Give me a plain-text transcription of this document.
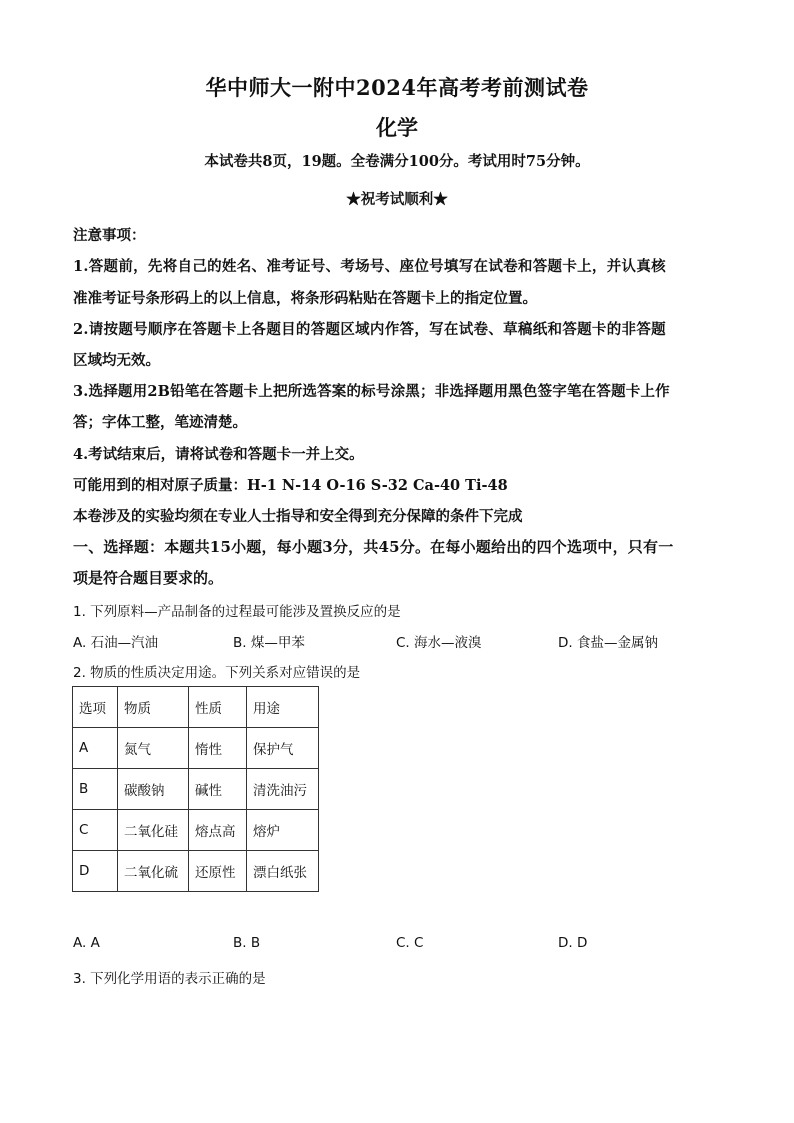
华中师大一附中2024年高考考前测试卷
化学
本试卷共8页，19题。全卷满分100分。考试用时75分钟。
★祝考试顺利★
注意事项：
1.答题前，先将自己的姓名、准考证号、考场号、座位号填写在试卷和答题卡上，并认真核
准准考证号条形码上的以上信息，将条形码粘贴在答题卡上的指定位置。
2.请按题号顺序在答题卡上各题目的答题区域内作答，写在试卷、草稿纸和答题卡的非答题
区域均无效。
3.选择题用2B铅笔在答题卡上把所选答案的标号涂黑；非选择题用黑色签字笔在答题卡上作
答；字体工整，笔迹清楚。
4.考试结束后，请将试卷和答题卡一并上交。
可能用到的相对原子质量：H-1 N-14 O-16 S-32 Ca-40 Ti-48
本卷涉及的实验均须在专业人士指导和安全得到充分保障的条件下完成
一、选择题：本题共15小题，每小题3分，共45分。在每小题给出的四个选项中，只有一
项是符合题目要求的。
1. 下列原料—产品制备的过程最可能涉及置换反应的是
A. 石油—汽油	B. 煤—甲苯	C. 海水—液溴	D. 食盐—金属钠
2. 物质的性质决定用途。下列关系对应错误的是
选项	物质	性质	用途
A	氮气	惰性	保护气
B	碳酸钠	碱性	清洗油污
C	二氧化硅	熔点高	熔炉
D	二氧化硫	还原性	漂白纸张
A. A	B. B	C. C	D. D
3. 下列化学用语的表示正确的是
